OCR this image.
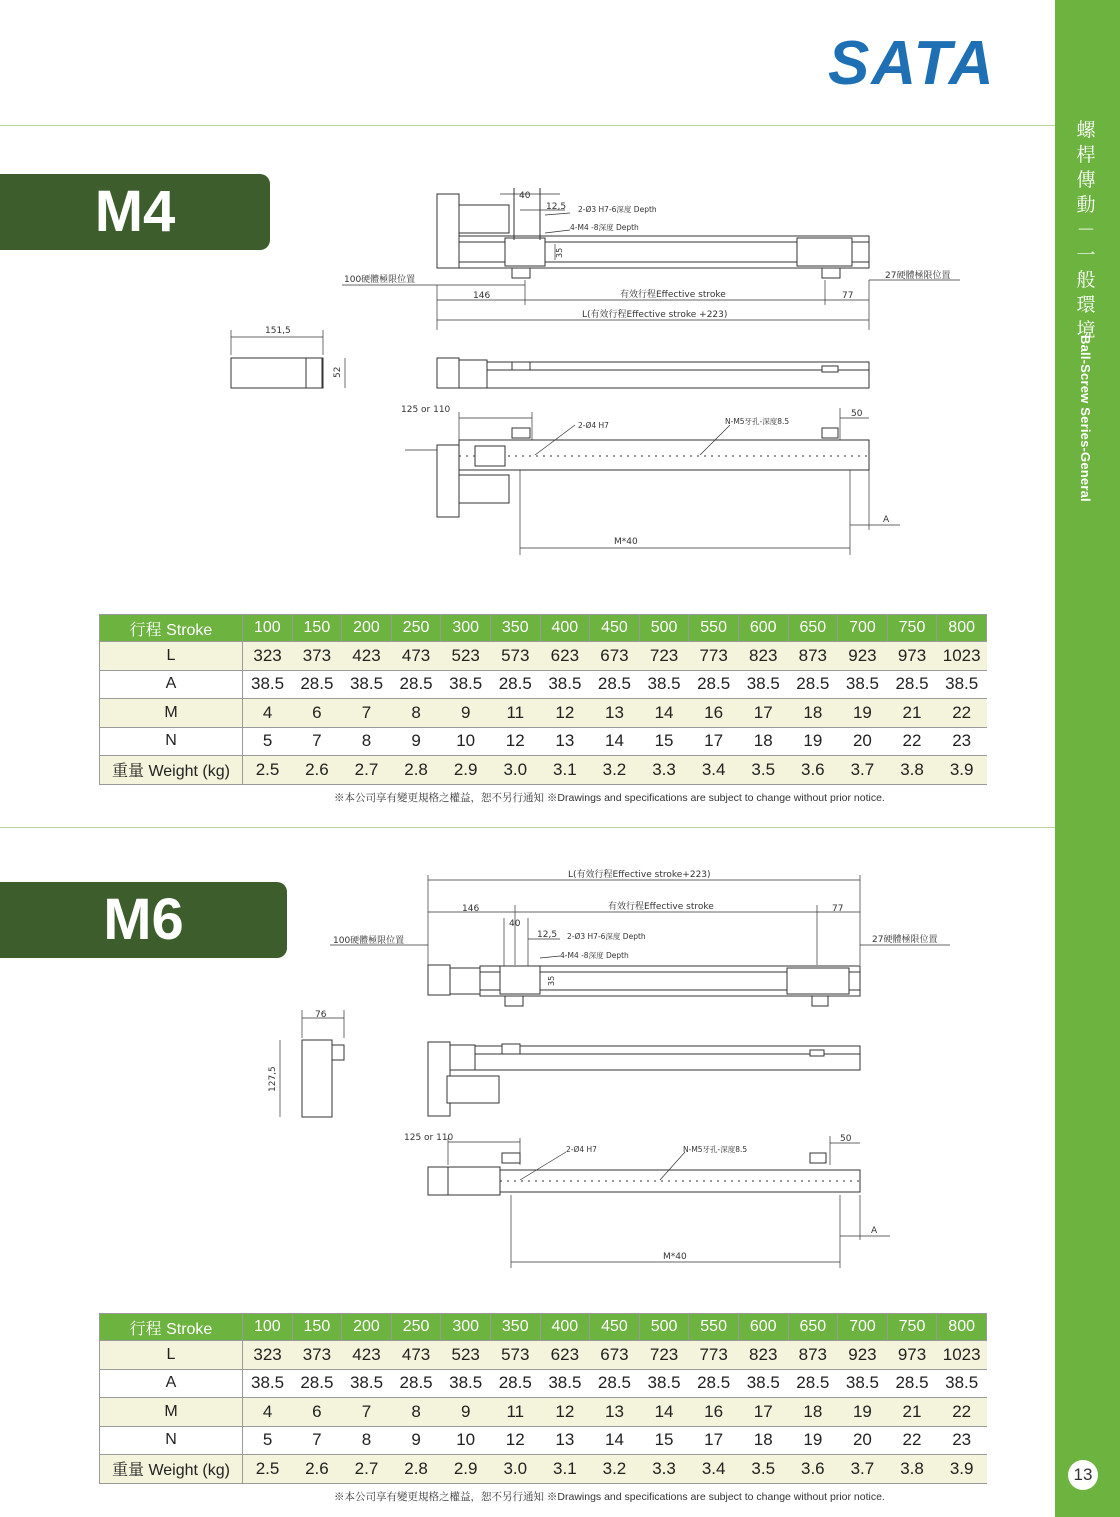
螺
桿
傳
動
－
一
般
環
境
Ball-Screw Series-General
13
SATA
M4	40
12,5 2-Ø3 H7-6深度 Depth
4-M4 -8深度 Depth
35
100硬體極限位置	27硬體極限位置
146	有效行程Effective stroke	77
L(有效行程Effective stroke +223)
151,5
52
125 or 110
2-Ø4 H7	N-M5牙孔-深度8.5
50
A
M*40
行程 Stroke	100	150	200	250	300	350	400	450	500	550	600	650	700	750	800
L	323	373	423	473	523	573	623	673	723	773	823	873	923	973	1023
A	38.5	28.5	38.5	28.5	38.5	28.5	38.5	28.5	38.5	28.5	38.5	28.5	38.5	28.5	38.5
M	4	6	7	8	9	11	12	13	14	16	17	18	19	21	22
N	5	7	8	9	10	12	13	14	15	17	18	19	20	22	23
重量 Weight (kg)	2.5	2.6	2.7	2.8	2.9	3.0	3.1	3.2	3.3	3.4	3.5	3.6	3.7	3.8	3.9
※本公司享有變更規格之權益，恕不另行通知 ※Drawings and specifications are subject to change without prior notice.
M6
L(有效行程Effective stroke+223)
146	有效行程Effective stroke	77
40
12,5 2-Ø3 H7-6深度 Depth
4-M4 -8深度 Depth
35
100硬體極限位置	27硬體極限位置
76
127,5
125 or 110
2-Ø4 H7	N-M5牙孔-深度8.5
50
A
M*40
行程 Stroke	100	150	200	250	300	350	400	450	500	550	600	650	700	750	800
L	323	373	423	473	523	573	623	673	723	773	823	873	923	973	1023
A	38.5	28.5	38.5	28.5	38.5	28.5	38.5	28.5	38.5	28.5	38.5	28.5	38.5	28.5	38.5
M	4	6	7	8	9	11	12	13	14	16	17	18	19	21	22
N	5	7	8	9	10	12	13	14	15	17	18	19	20	22	23
重量 Weight (kg)	2.5	2.6	2.7	2.8	2.9	3.0	3.1	3.2	3.3	3.4	3.5	3.6	3.7	3.8	3.9
※本公司享有變更規格之權益，恕不另行通知 ※Drawings and specifications are subject to change without prior notice.
